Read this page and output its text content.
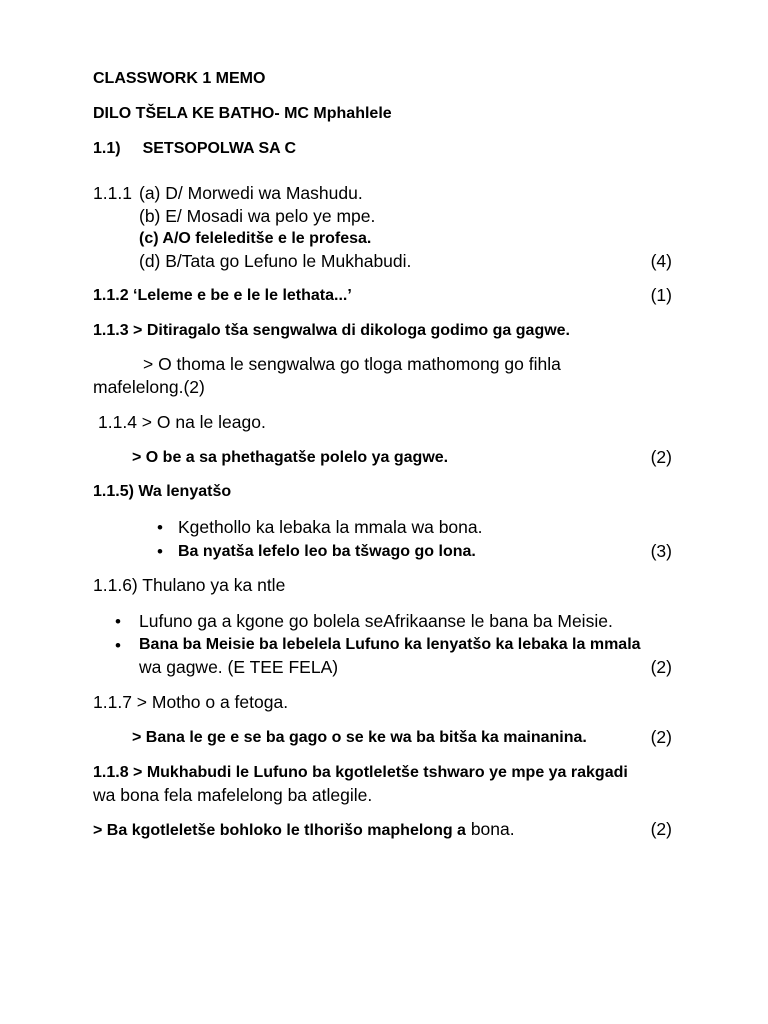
CLASSWORK 1 MEMO
DILO TŠELA KE BATHO- MC Mphahlele
1.1) SETSOPOLWA SA C
1.1.1 (a) D/ Morwedi wa Mashudu.
(b) E/ Mosadi wa pelo ye mpe.
(c) A/O feleleditše e le profesa.
(d) B/Tata go Lefuno le Mukhabudi.	(4)
1.1.2 ‘Leleme e be e le le lethata...’	(1)
1.1.3 > Ditiragalo tša sengwalwa di dikologa godimo ga gagwe.
> O thoma le sengwalwa go tloga mathomong go fihla
mafelelong.(2)
1.1.4 > O na le leago.
> O be a sa phethagatše polelo ya gagwe.	(2)
1.1.5) Wa lenyatšo
• Kgethollo ka lebaka la mmala wa bona.
• Ba nyatša lefelo leo ba tšwago go lona.	(3)
1.1.6) Thulano ya ka ntle
• Lufuno ga a kgone go bolela seAfrikaanse le bana ba Meisie.
• Bana ba Meisie ba lebelela Lufuno ka lenyatšo ka lebaka la mmala
wa gagwe. (E TEE FELA)	(2)
1.1.7 > Motho o a fetoga.
> Bana le ge e se ba gago o se ke wa ba bitša ka mainanina.	(2)
1.1.8 > Mukhabudi le Lufuno ba kgotleletše tshwaro ye mpe ya rakgadi
wa bona fela mafelelong ba atlegile.
> Ba kgotleletše bohloko le tlhorišo maphelong a bona.	(2)
